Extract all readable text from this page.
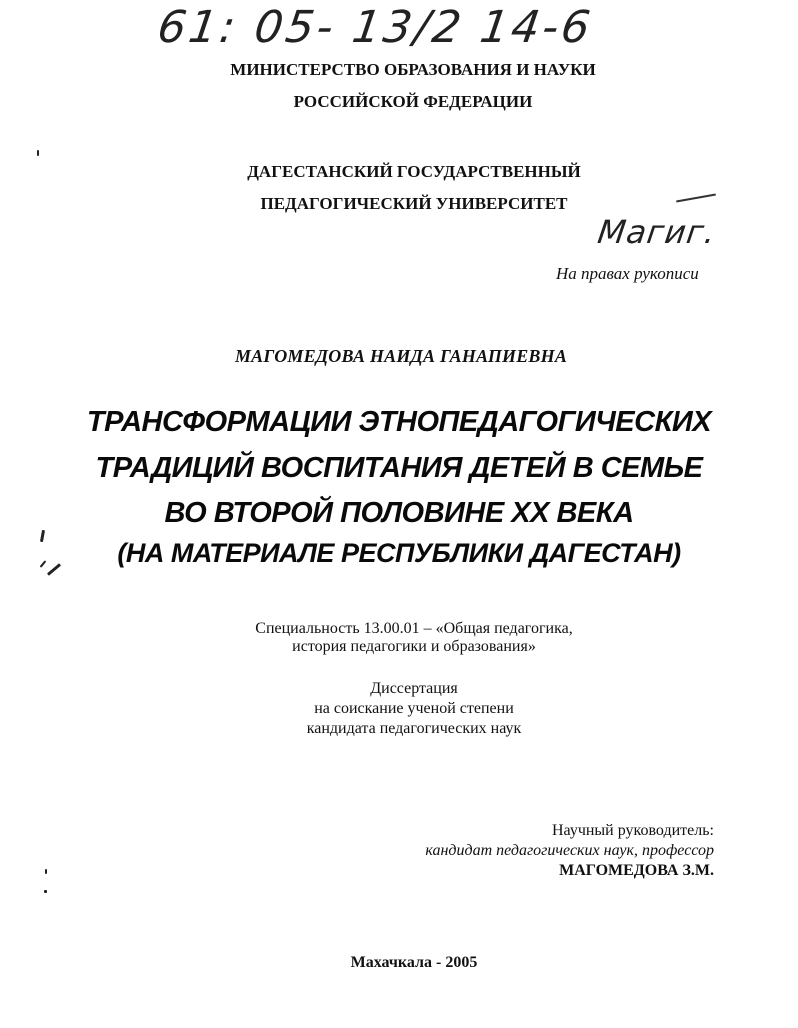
61: 05- 13/2 14-6
МИНИСТЕРСТВО ОБРАЗОВАНИЯ И НАУКИ
РОССИЙСКОЙ ФЕДЕРАЦИИ
ДАГЕСТАНСКИЙ ГОСУДАРСТВЕННЫЙ
ПЕДАГОГИЧЕСКИЙ УНИВЕРСИТЕТ
Магиг.
На правах рукописи
МАГОМЕДОВА НАИДА ГАНАПИЕВНА
ТРАНСФОРМАЦИИ ЭТНОПЕДАГОГИЧЕСКИХ
ТРАДИЦИЙ ВОСПИТАНИЯ ДЕТЕЙ В СЕМЬЕ
ВО ВТОРОЙ ПОЛОВИНЕ XX ВЕКА
(НА МАТЕРИАЛЕ РЕСПУБЛИКИ ДАГЕСТАН)
Специальность 13.00.01 – «Общая педагогика,
история педагогики и образования»
Диссертация
на соискание ученой степени
кандидата педагогических наук
Научный руководитель:
кандидат педагогических наук, профессор
МАГОМЕДОВА З.М.
Махачкала - 2005
